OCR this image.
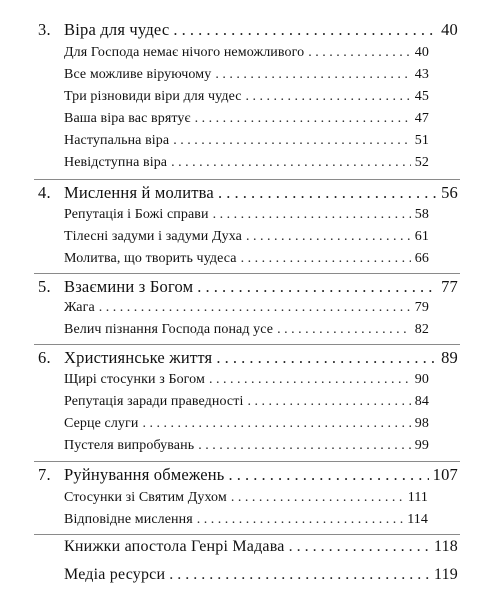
3. Віра для чудес . . .	40
Для Господа немає нічого неможливого . . .	40
Все можливе віруючому . . .	43
Три різновиди віри для чудес . . .	45
Ваша віра вас врятує . . .	47
Наступальна віра . . .	51
Невідступна віра . . .	52
4. Мислення й молитва . . .	56
Репутація і Божі справи . . .	58
Тілесні задуми і задуми Духа . . .	61
Молитва, що творить чудеса . . .	66
5. Взаємини з Богом . . .	77
Жага . . .	79
Велич пізнання Господа понад усе . . .	82
6. Християнське життя . . .	89
Щирі стосунки з Богом . . .	90
Репутація заради праведності . . .	84
Серце слуги . . .	98
Пустеля випробувань . . .	99
7. Руйнування обмежень . . .	107
Стосунки зі Святим Духом . . .	111
Відповідне мислення . . .	114
Книжки апостола Генрі Мадава . . .	118
Медіа ресурси . . .	119
